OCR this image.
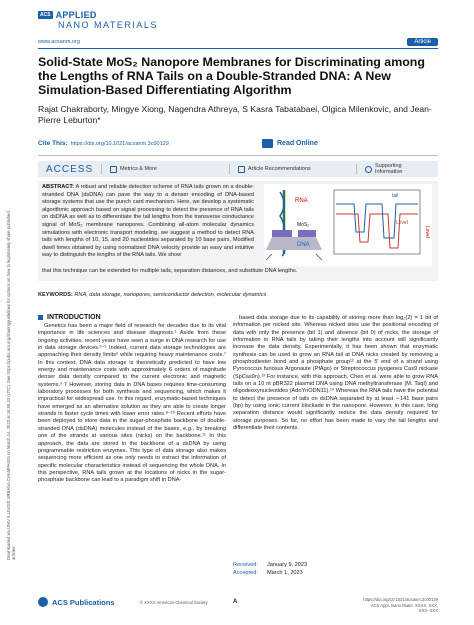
ACS APPLIED
NANO MATERIALS
www.acsanm.org	Article
Solid-State MoS₂ Nanopore Membranes for Discriminating among the Lengths of RNA Tails on a Double-Stranded DNA: A New Simulation-Based Differentiating Algorithm
Rajat Chakraborty, Mingye Xiong, Nagendra Athreya, S Kasra Tabatabaei, Olgica Milenkovic, and Jean-Pierre Leburton*
Cite This: https://doi.org/10.1021/acsanm.3c00129	Read Online
ACCESS	Metrics & More	Article Recommendations	Supporting Information
ABSTRACT: A robust and reliable detection scheme of RNA tails grown on a double-stranded DNA (dsDNA) can pave the way to a denser encoding of DNA-based storage systems that use the punch card mechanism. Here, we develop a systematic algorithmic approach based on signal processing to detect the presence of RNA tails on dsDNA as well as to differentiate the tail lengths from the transverse conductance signal of MoS₂ membrane nanopores. Combining all-atom molecular dynamics simulations with electronic transport modeling, we suggest a method to detect RNA tails with lengths of 10, 15, and 20 nucleotides separated by 10 base pairs. Modified dwell times obtained by using normalized DNA velocity provide an easy and intuitive way to distinguish the lengths of the RNA tails. We show
that this technique can be extended for multiple tails, separation distances, and substitute DNA lengths.
RNA
MoS₂
DNA
tail
Level
Level
KEYWORDS: RNA, data storage, nanopores, semiconductor detection, molecular dynamics
INTRODUCTION

Genetics has been a major field of research for decades due to its vital importance in life sciences and disease diagnosis.¹ Aside from these ongoing activities, recent years have seen a surge in DNA research for use in data storage devices.²⁻⁵ Indeed, current data storage technologies are approaching their density limits⁶ while requiring heavy maintenance costs.⁷ In this context, DNA data storage is theoretically predicted to have low energy and maintenance costs with approximately 6 orders of magnitude denser data density compared to the current electronic and magnetic systems.⁶ˑ7 However, storing data in DNA bases requires time-consuming laboratory processes for both synthesis and sequencing, which makes it impractical for widespread use. In this regard, enzymatic-based techniques have emerged as an alternative solution as they are able to create longer strands in faster cycle times with lower error rates.⁸⁻¹⁰ Recent efforts have been deployed to store data in the sugar-phosphate backbone of double-stranded DNA (dsDNA) molecules instead of the bases, e.g., by breaking one of the strands at various sites (nicks) on the backbone.¹¹ In this approach, the data are stored in the backbone of a dsDNA by using programmable restriction enzymes. This type of data storage also makes sequencing more efficient as one only needs to extract the information of specific molecular characteristics instead of sequencing the whole DNA. In this perspective, RNA tails grown at the locations of nicks in the sugar-phosphate backbone can lead to a paradigm shift in DNA-

based data storage due to its capability of storing more than log₂(2) = 1 bit of information per nicked site. Whereas nicked sites use the positional encoding of data with only the presence (bit 1) and absence (bit 0) of nicks, the storage of information in RNA tails by taking their lengths into account will significantly increase the data density. Experimentally, it has been shown that enzymatic synthesis can be used to grow an RNA tail at DNA nicks created by removing a phosphodiester bond and a phosphate group¹² at the 5′ end of a strand using Pyrococcus furiosus Argonaute (PfAgo) or Streptococcus pyogenes Cas9 nickase (SpCas9n).¹³ For instance, with this approach, Chen et al. were able to grow RNA tails on a 10 nt pBR322 plasmid DNA using DNA methyltransferase (M. TaqI) and oligodeoxynucleotides (AdoYnODN11).¹⁴ Whereas the RNA tails have the potential to detect the presence of tails on dsDNA separated by at least ∼141 base pairs (bp) by using ionic current blockade in the nanopore. However, in this case, long separation distance would significantly reduce the data density required for storage purposes. So far, no effort has been made to vary the tail lengths and differentiate their contents.

Received: January 9, 2023
Accepted: March 1, 2023
Downloaded via UNIV ILLINOIS URBANA CHAMPAIGN on March 14, 2023 at 16:55:43 (UTC). See https://pubs.acs.org/sharingguidelines for options on how to legitimately share published articles.
ACS Publications	© XXXX American Chemical Society	A	https://doi.org/10.1021/acsanm.3c00129
ACS Appl. Nano Mater. XXXX, XXX, XXX−XXX
